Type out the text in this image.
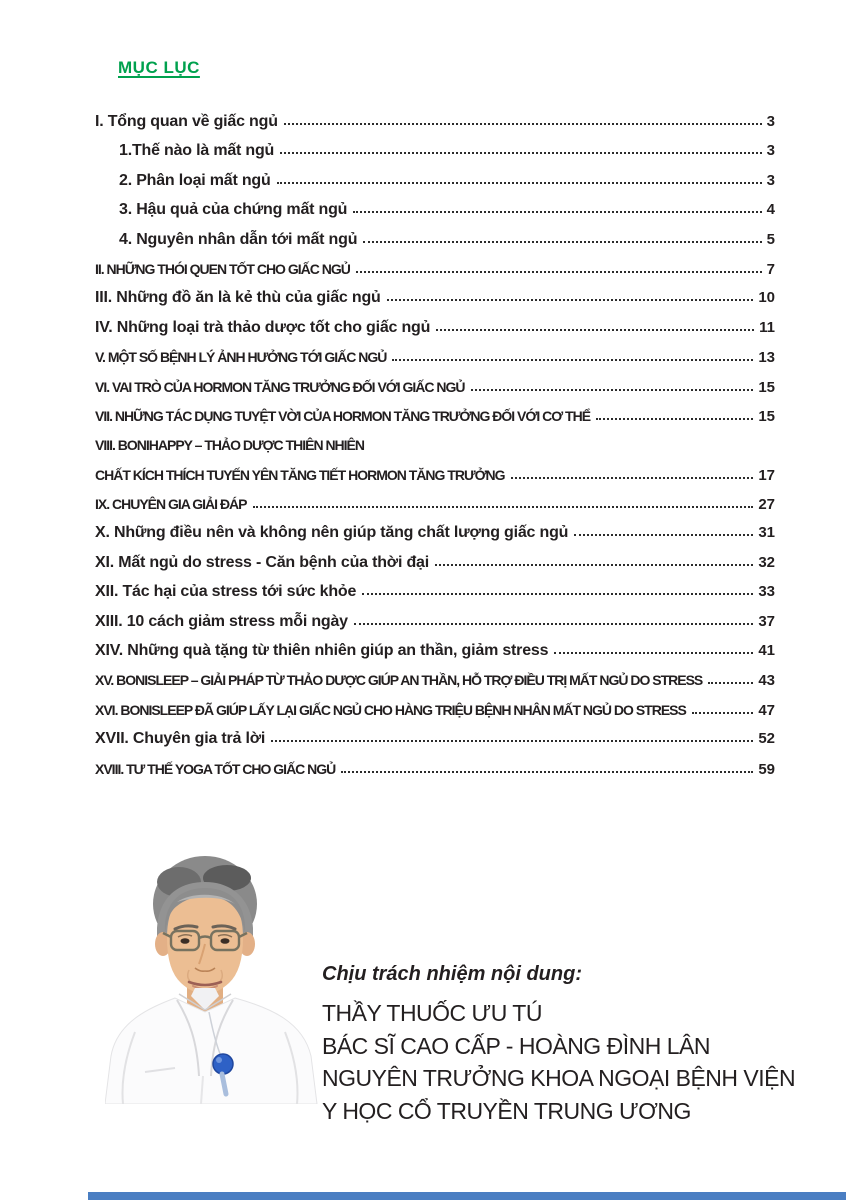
MỤC LỤC
I. Tổng quan về giấc ngủ	3
1.Thế nào là mất ngủ	3
2. Phân loại mất ngủ	3
3. Hậu quả của chứng mất ngủ	4
4. Nguyên nhân dẫn tới mất ngủ	5
II. NHỮNG THÓI QUEN TỐT CHO GIẤC NGỦ	7
III. Những đồ ăn là kẻ thù của giấc ngủ	10
IV. Những loại trà thảo dược tốt cho giấc ngủ	11
V. MỘT SỐ BỆNH LÝ ẢNH HƯỞNG TỚI GIẤC NGỦ	13
VI. VAI TRÒ CỦA HORMON TĂNG TRƯỞNG ĐỐI VỚI GIẤC NGỦ	15
VII. NHỮNG TÁC DỤNG TUYỆT VỜI CỦA HORMON TĂNG TRƯỞNG ĐỐI VỚI CƠ THỂ	15
VIII. BONIHAPPY – THẢO DƯỢC THIÊN NHIÊN
CHẤT KÍCH THÍCH TUYẾN YÊN TĂNG TIẾT HORMON TĂNG TRƯỞNG	17
IX. CHUYÊN GIA GIẢI ĐÁP	27
X. Những điều nên và không nên giúp tăng chất lượng giấc ngủ	31
XI. Mất ngủ do stress - Căn bệnh của thời đại	32
XII. Tác hại của stress tới sức khỏe	33
XIII. 10 cách giảm stress mỗi ngày	37
XIV. Những quà tặng từ thiên nhiên giúp an thần, giảm stress	41
XV. BONISLEEP – GIẢI PHÁP TỪ THẢO DƯỢC GIÚP AN THẦN, HỖ TRỢ ĐIỀU TRỊ MẤT NGỦ DO STRESS	43
XVI. BONISLEEP ĐÃ GIÚP LẤY LẠI GIẤC NGỦ CHO HÀNG TRIỆU BỆNH NHÂN MẤT NGỦ DO STRESS	47
XVII. Chuyên gia trả lời	52
XVIII. TƯ THẾ YOGA TỐT CHO GIẤC NGỦ	59
Chịu trách nhiệm nội dung:
THẦY THUỐC ƯU TÚ
BÁC SĨ CAO CẤP - HOÀNG ĐÌNH LÂN
NGUYÊN TRƯỞNG KHOA NGOẠI BỆNH VIỆN
Y HỌC CỔ TRUYỀN TRUNG ƯƠNG
